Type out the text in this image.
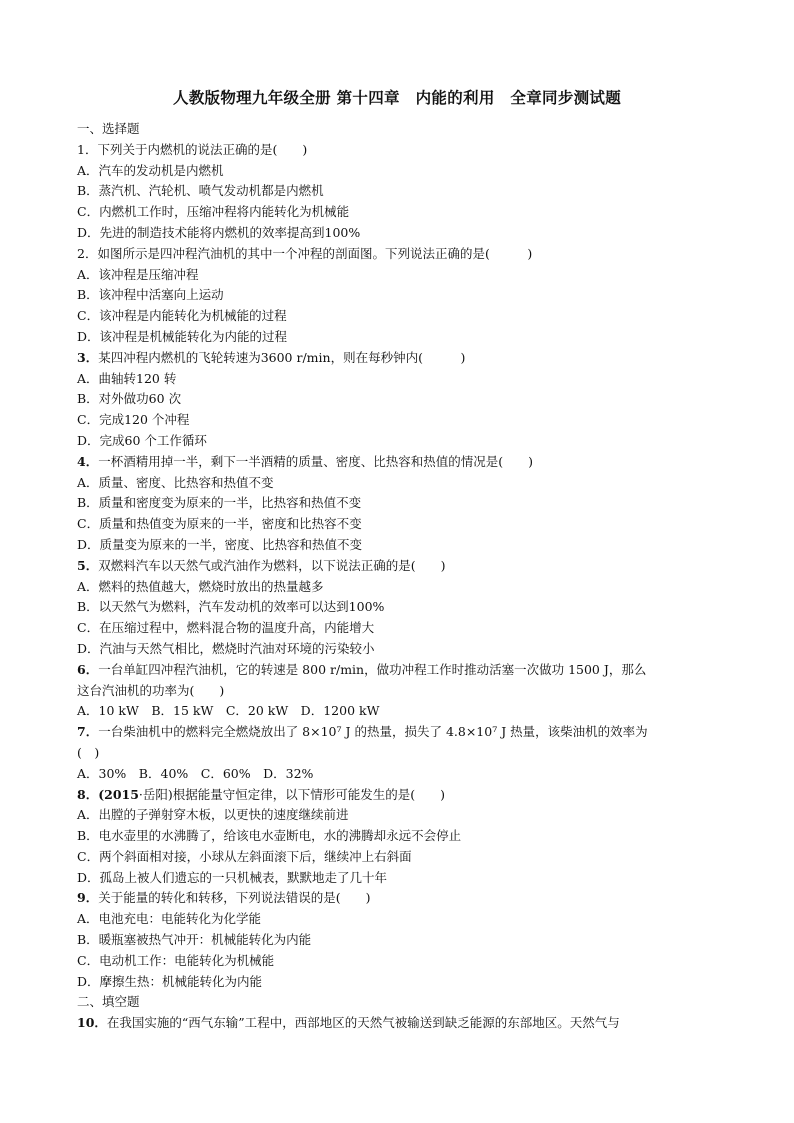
人教版物理九年级全册 第十四章　内能的利用　全章同步测试题
一、选择题
1．下列关于内燃机的说法正确的是(　　)
A．汽车的发动机是内燃机
B．蒸汽机、汽轮机、喷气发动机都是内燃机
C．内燃机工作时，压缩冲程将内能转化为机械能
D．先进的制造技术能将内燃机的效率提高到100%
2．如图所示是四冲程汽油机的其中一个冲程的剖面图。下列说法正确的是(　　　)
A．该冲程是压缩冲程
B．该冲程中活塞向上运动
C．该冲程是内能转化为机械能的过程
D．该冲程是机械能转化为内能的过程
3．某四冲程内燃机的飞轮转速为3600 r/min，则在每秒钟内(　　　)
A．曲轴转120 转
B．对外做功60 次
C．完成120 个冲程
D．完成60 个工作循环
4．一杯酒精用掉一半，剩下一半酒精的质量、密度、比热容和热值的情况是(　　)
A．质量、密度、比热容和热值不变
B．质量和密度变为原来的一半，比热容和热值不变
C．质量和热值变为原来的一半，密度和比热容不变
D．质量变为原来的一半，密度、比热容和热值不变
5．双燃料汽车以天然气或汽油作为燃料，以下说法正确的是(　　)
A．燃料的热值越大，燃烧时放出的热量越多
B．以天然气为燃料，汽车发动机的效率可以达到100%
C．在压缩过程中，燃料混合物的温度升高，内能增大
D．汽油与天然气相比，燃烧时汽油对环境的污染较小
6．一台单缸四冲程汽油机，它的转速是 800 r/min，做功冲程工作时推动活塞一次做功 1500 J，那么
这台汽油机的功率为(　　)
A．10 kW　B．15 kW　C．20 kW　D．1200 kW
7．一台柴油机中的燃料完全燃烧放出了 8×10⁷ J 的热量，损失了 4.8×10⁷ J 热量，该柴油机的效率为
(　)
A．30%　B．40%　C．60%　D．32%
8．(2015·岳阳)根据能量守恒定律，以下情形可能发生的是(　　)
A．出膛的子弹射穿木板，以更快的速度继续前进
B．电水壶里的水沸腾了，给该电水壶断电，水的沸腾却永远不会停止
C．两个斜面相对接，小球从左斜面滚下后，继续冲上右斜面
D．孤岛上被人们遗忘的一只机械表，默默地走了几十年
9．关于能量的转化和转移，下列说法错误的是(　　)
A．电池充电：电能转化为化学能
B．暖瓶塞被热气冲开：机械能转化为内能
C．电动机工作：电能转化为机械能
D．摩擦生热：机械能转化为内能
二、填空题
10．在我国实施的“西气东输”工程中，西部地区的天然气被输送到缺乏能源的东部地区。天然气与
